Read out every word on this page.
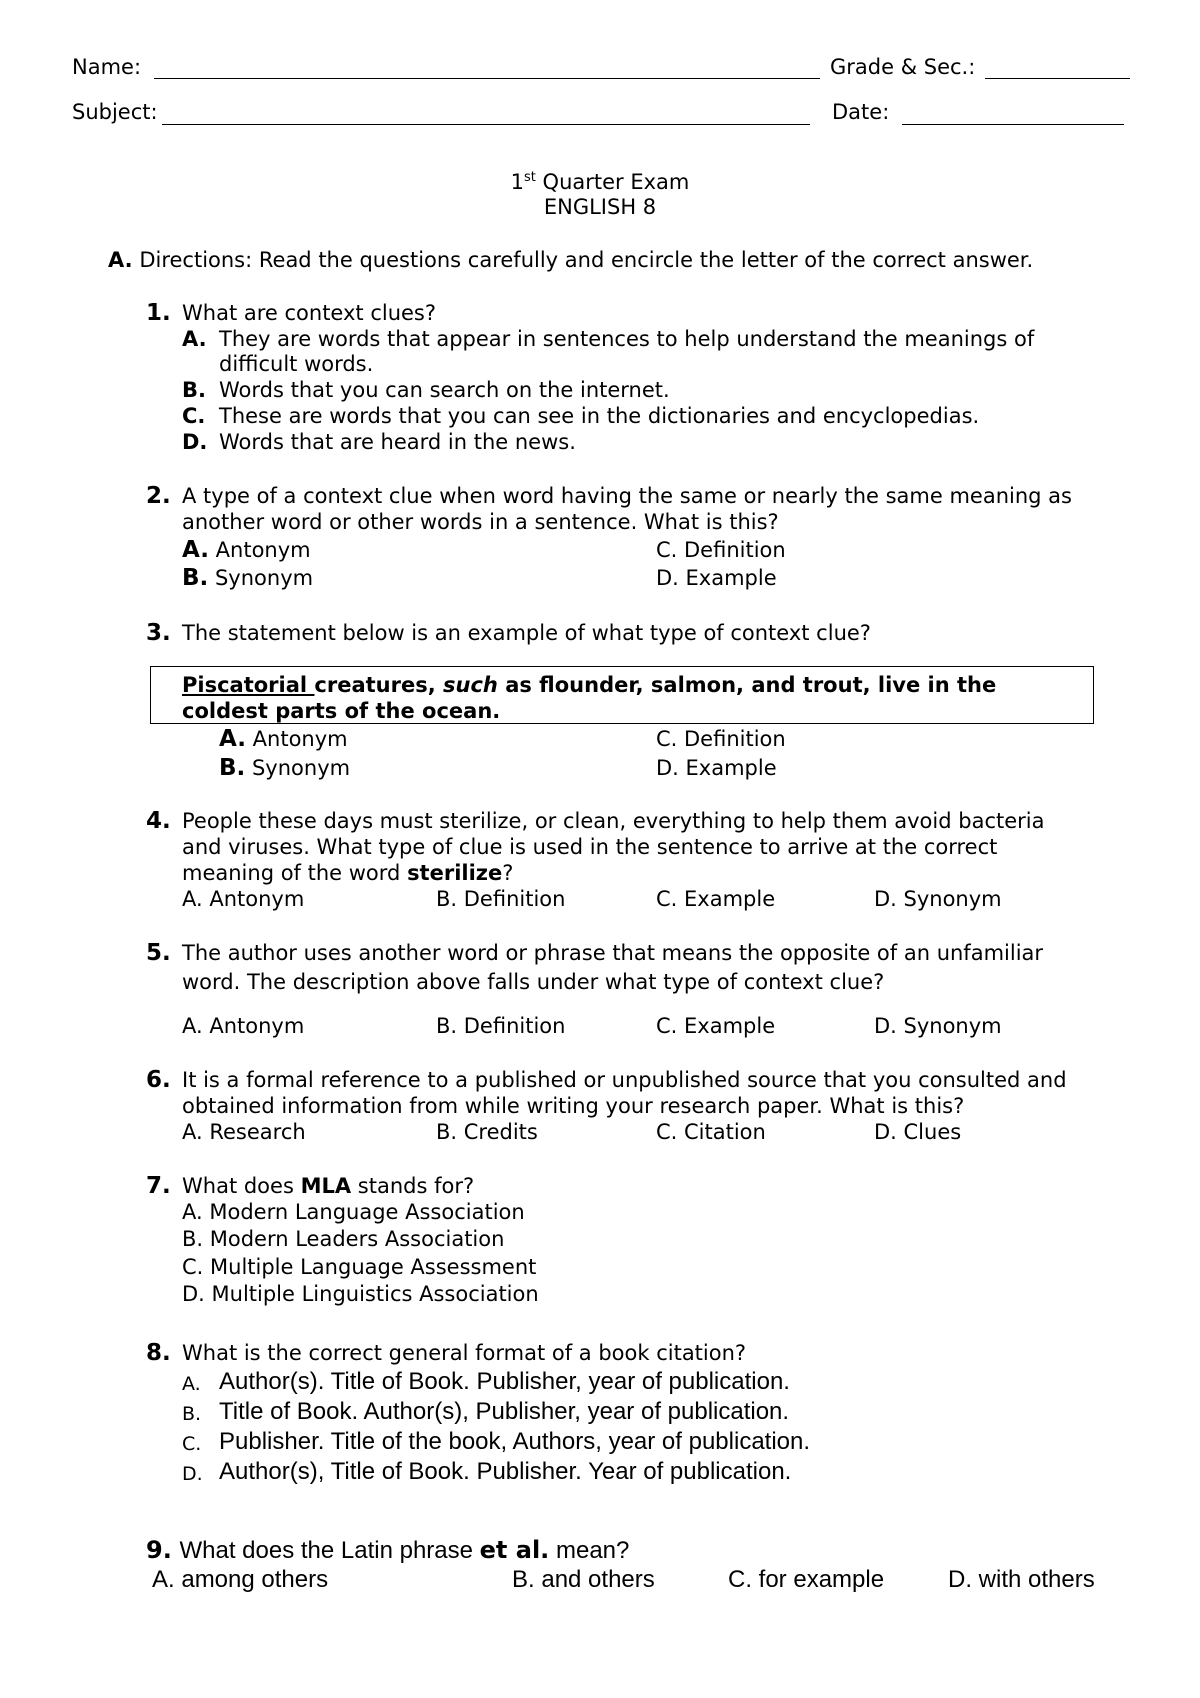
Name:	Grade & Sec.:
Subject:	Date:
1st Quarter Exam
ENGLISH 8
A. Directions: Read the questions carefully and encircle the letter of the correct answer.
1. What are context clues?
A. They are words that appear in sentences to help understand the meanings of
difficult words.
B. Words that you can search on the internet.
C. These are words that you can see in the dictionaries and encyclopedias.
D. Words that are heard in the news.
2. A type of a context clue when word having the same or nearly the same meaning as
another word or other words in a sentence. What is this?
A. Antonym
B. Synonym
C. Definition
D. Example
3. The statement below is an example of what type of context clue?
Piscatorial creatures, such as flounder, salmon, and trout, live in the
coldest parts of the ocean.
A. Antonym
B. Synonym
C. Definition
D. Example
4. People these days must sterilize, or clean, everything to help them avoid bacteria
and viruses. What type of clue is used in the sentence to arrive at the correct
meaning of the word sterilize?
A. Antonym	B. Definition	C. Example	D. Synonym
5. The author uses another word or phrase that means the opposite of an unfamiliar
word. The description above falls under what type of context clue?
A. Antonym	B. Definition	C. Example	D. Synonym
6. It is a formal reference to a published or unpublished source that you consulted and
obtained information from while writing your research paper. What is this?
A. Research	B. Credits	C. Citation	D. Clues
7. What does MLA stands for?
A. Modern Language Association
B. Modern Leaders Association
C. Multiple Language Assessment
D. Multiple Linguistics Association
8. What is the correct general format of a book citation?
A. Author(s). Title of Book. Publisher, year of publication.
B. Title of Book. Author(s), Publisher, year of publication.
C. Publisher. Title of the book, Authors, year of publication.
D. Author(s), Title of Book. Publisher. Year of publication.
9. What does the Latin phrase et al. mean?
A. among others	B. and others	C. for example	D. with others
